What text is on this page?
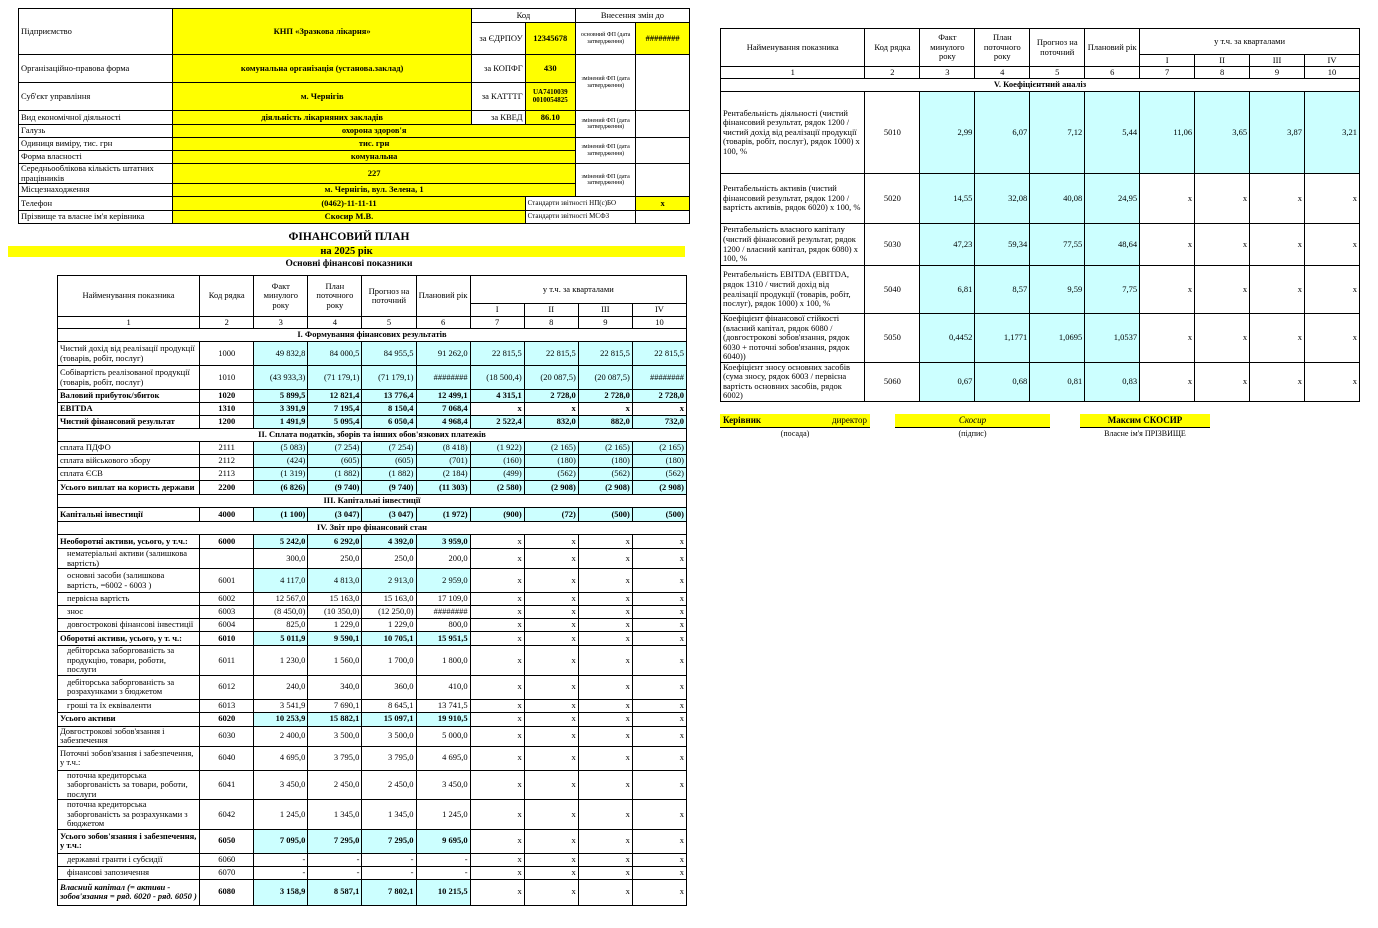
Підприємство	КНП «Зразкова лікарня»	Код		Внесення змін до	
		за ЄДРПОУ	12345678	основний ФП (дата затвердження)	########
Організаційно-правова форма	комунальна організація (установа.заклад)	за КОПФГ	430	змінений ФП (дата затвердження)	
Суб'єкт управління	м. Чернігів	за КАТТТГ	UA7410039 0010054825		
Вид економічної діяльності	діяльність лікарняних закладів	за КВЕД	86.10	змінений ФП (дата затвердження)	
Галузь	охорона здоров'я				
Одиниця виміру, тис. грн	тис. грн			змінений ФП (дата затвердження)	
Форма власності	комунальна				
Середньооблікова кількість штатних працівників	227			змінений ФП (дата затвердження)	
Місцезнаходження	м. Чернігів, вул. Зелена, 1				
Телефон	(0462)-11-11-11		Стандарти звітності НП(с)БО		x
Прізвище та власне ім'я керівника	Скосир М.В.		Стандарти звітності МСФЗ		
ФІНАНСОВИЙ ПЛАН
на 2025 рік
Основні фінансові показники
Найменування показника	Код рядка	Факт минулого року	План поточного року	Прогноз на поточний	Плановий рік	у т.ч. за кварталами			
						I	II	III	IV
1	2	3	4	5	6	7	8	9	10
І. Формування фінансових результатів									
Чистий дохід від реалізації продукції (товарів, робіт, послуг)	1000	49 832,8	84 000,5	84 955,5	91 262,0	22 815,5	22 815,5	22 815,5	22 815,5
Собівартість реалізованої продукції (товарів, робіт, послуг)	1010	(43 933,3)	(71 179,1)	(71 179,1)	########	(18 500,4)	(20 087,5)	(20 087,5)	########
Валовий прибуток/збиток	1020	5 899,5	12 821,4	13 776,4	12 499,1	4 315,1	2 728,0	2 728,0	2 728,0
EBITDA	1310	3 391,9	7 195,4	8 150,4	7 068,4	x	x	x	x
Чистий фінансовий результат	1200	1 491,9	5 095,4	6 050,4	4 968,4	2 522,4	832,0	882,0	732,0
ІІ. Сплата податків, зборів та інших обов'язкових платежів									
сплата ПДФО	2111	(5 083)	(7 254)	(7 254)	(8 418)	(1 922)	(2 165)	(2 165)	(2 165)
сплата військового збору	2112	(424)	(605)	(605)	(701)	(160)	(180)	(180)	(180)
сплата ЄСВ	2113	(1 319)	(1 882)	(1 882)	(2 184)	(499)	(562)	(562)	(562)
Усього виплат на користь держави	2200	(6 826)	(9 740)	(9 740)	(11 303)	(2 580)	(2 908)	(2 908)	(2 908)
ІІІ. Капітальні інвестиції									
Капітальні інвестиції	4000	(1 100)	(3 047)	(3 047)	(1 972)	(900)	(72)	(500)	(500)
IV. Звіт про фінансовий стан									
Необоротні активи, усього, у т.ч.:	6000	5 242,0	6 292,0	4 392,0	3 959,0	x	x	x	x
нематеріальні активи (залишкова вартість)		300,0	250,0	250,0	200,0	x	x	x	x
основні засоби (залишкова вартість, =6002 - 6003 )	6001	4 117,0	4 813,0	2 913,0	2 959,0	x	x	x	x
первісна вартість	6002	12 567,0	15 163,0	15 163,0	17 109,0	x	x	x	x
знос	6003	(8 450,0)	(10 350,0)	(12 250,0)	########	x	x	x	x
довгострокові фінансові інвестиції	6004	825,0	1 229,0	1 229,0	800,0	x	x	x	x
Оборотні активи, усього, у т. ч.:	6010	5 011,9	9 590,1	10 705,1	15 951,5	x	x	x	x
дебіторська заборгованість за продукцію, товари, роботи, послуги	6011	1 230,0	1 560,0	1 700,0	1 800,0	x	x	x	x
дебіторська заборгованість за розрахунками з бюджетом	6012	240,0	340,0	360,0	410,0	x	x	x	x
гроші та їх еквіваленти	6013	3 541,9	7 690,1	8 645,1	13 741,5	x	x	x	x
Усього активи	6020	10 253,9	15 882,1	15 097,1	19 910,5	x	x	x	x
Довгострокові зобов'язання і забезпечення	6030	2 400,0	3 500,0	3 500,0	5 000,0	x	x	x	x
Поточні зобов'язання і забезпечення, у т.ч.:	6040	4 695,0	3 795,0	3 795,0	4 695,0	x	x	x	x
поточна кредиторська заборгованість за товари, роботи, послуги	6041	3 450,0	2 450,0	2 450,0	3 450,0	x	x	x	x
поточна кредиторська заборгованість за розрахунками з бюджетом	6042	1 245,0	1 345,0	1 345,0	1 245,0	x	x	x	x
Усього зобов'язання і забезпечення, у т.ч.:	6050	7 095,0	7 295,0	7 295,0	9 695,0	x	x	x	x
державні гранти і субсидії	6060	-	-	-	-	x	x	x	x
фінансові запозичення	6070	-	-	-	-	x	x	x	x
Власний капітал (= активи - зобов'язання = ряд. 6020 - ряд. 6050 )	6080	3 158,9	8 587,1	7 802,1	10 215,5	x	x	x	x
Найменування показника	Код рядка	Факт минулого року	План поточного року	Прогноз на поточний	Плановий рік	у т.ч. за кварталами			
						I	II	III	IV
1	2	3	4	5	6	7	8	9	10
V. Коефіцієнтний аналіз									
Рентабельність діяльності (чистий фінансовий результат, рядок 1200 / чистий дохід від реалізації продукції (товарів, робіт, послуг), рядок 1000) х 100, %	5010	2,99	6,07	7,12	5,44	11,06	3,65	3,87	3,21
Рентабельність активів (чистий фінансовий результат, рядок 1200 / вартість активів, рядок 6020) х 100, %	5020	14,55	32,08	40,08	24,95	x	x	x	x
Рентабельність власного капіталу (чистий фінансовий результат, рядок 1200 / власний капітал, рядок 6080) х 100, %	5030	47,23	59,34	77,55	48,64	x	x	x	x
Рентабельність EBITDA (EBITDA, рядок 1310 / чистий дохід від реалізації продукції (товарів, робіт, послуг), рядок 1000) х 100, %	5040	6,81	8,57	9,59	7,75	x	x	x	x
Коефіцієнт фінансової стійкості (власний капітал, рядок 6080 / (довгострокові зобов'язання, рядок 6030 + поточні зобов'язання, рядок 6040))	5050	0,4452	1,1771	1,0695	1,0537	x	x	x	x
Коефіцієнт зносу основних засобів (сума зносу, рядок 6003 / первісна вартість основних засобів, рядок 6002)	5060	0,67	0,68	0,81	0,83	x	x	x	x
Керівник	директор
(посада)
Скосир
(підпис)
Максим СКОСИР
Власне ім'я ПРІЗВИЩЕ
